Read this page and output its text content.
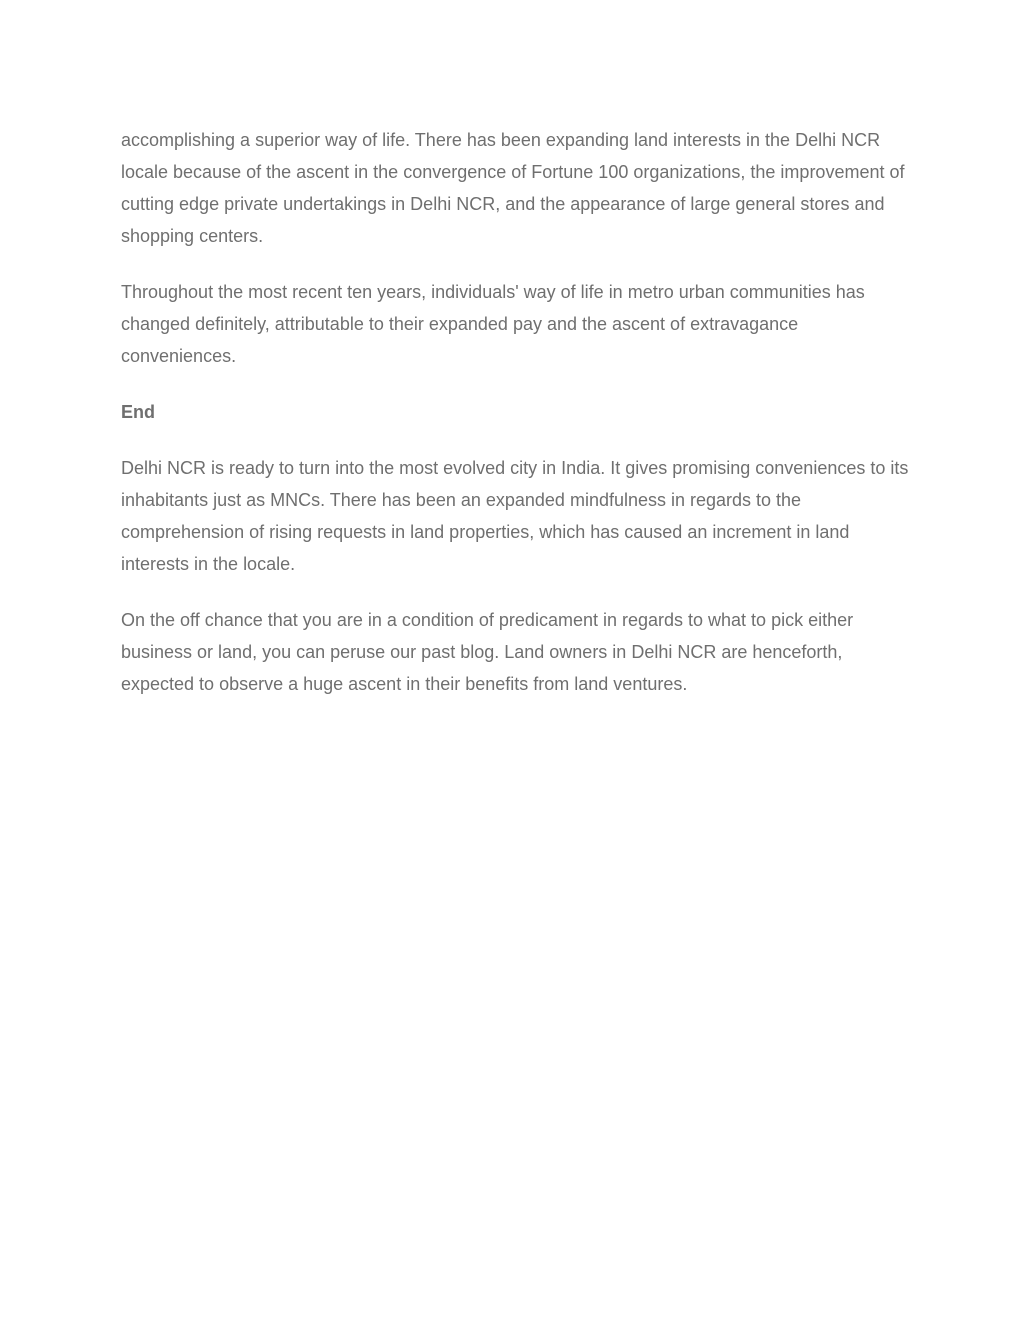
accomplishing a superior way of life. There has been expanding land interests in the Delhi NCR locale because of the ascent in the convergence of Fortune 100 organizations, the improvement of cutting edge private undertakings in Delhi NCR, and the appearance of large general stores and shopping centers.

Throughout the most recent ten years, individuals' way of life in metro urban communities has changed definitely, attributable to their expanded pay and the ascent of extravagance conveniences.

End

Delhi NCR is ready to turn into the most evolved city in India. It gives promising conveniences to its inhabitants just as MNCs. There has been an expanded mindfulness in regards to the comprehension of rising requests in land properties, which has caused an increment in land interests in the locale.

On the off chance that you are in a condition of predicament in regards to what to pick either business or land, you can peruse our past blog. Land owners in Delhi NCR are henceforth, expected to observe a huge ascent in their benefits from land ventures.
